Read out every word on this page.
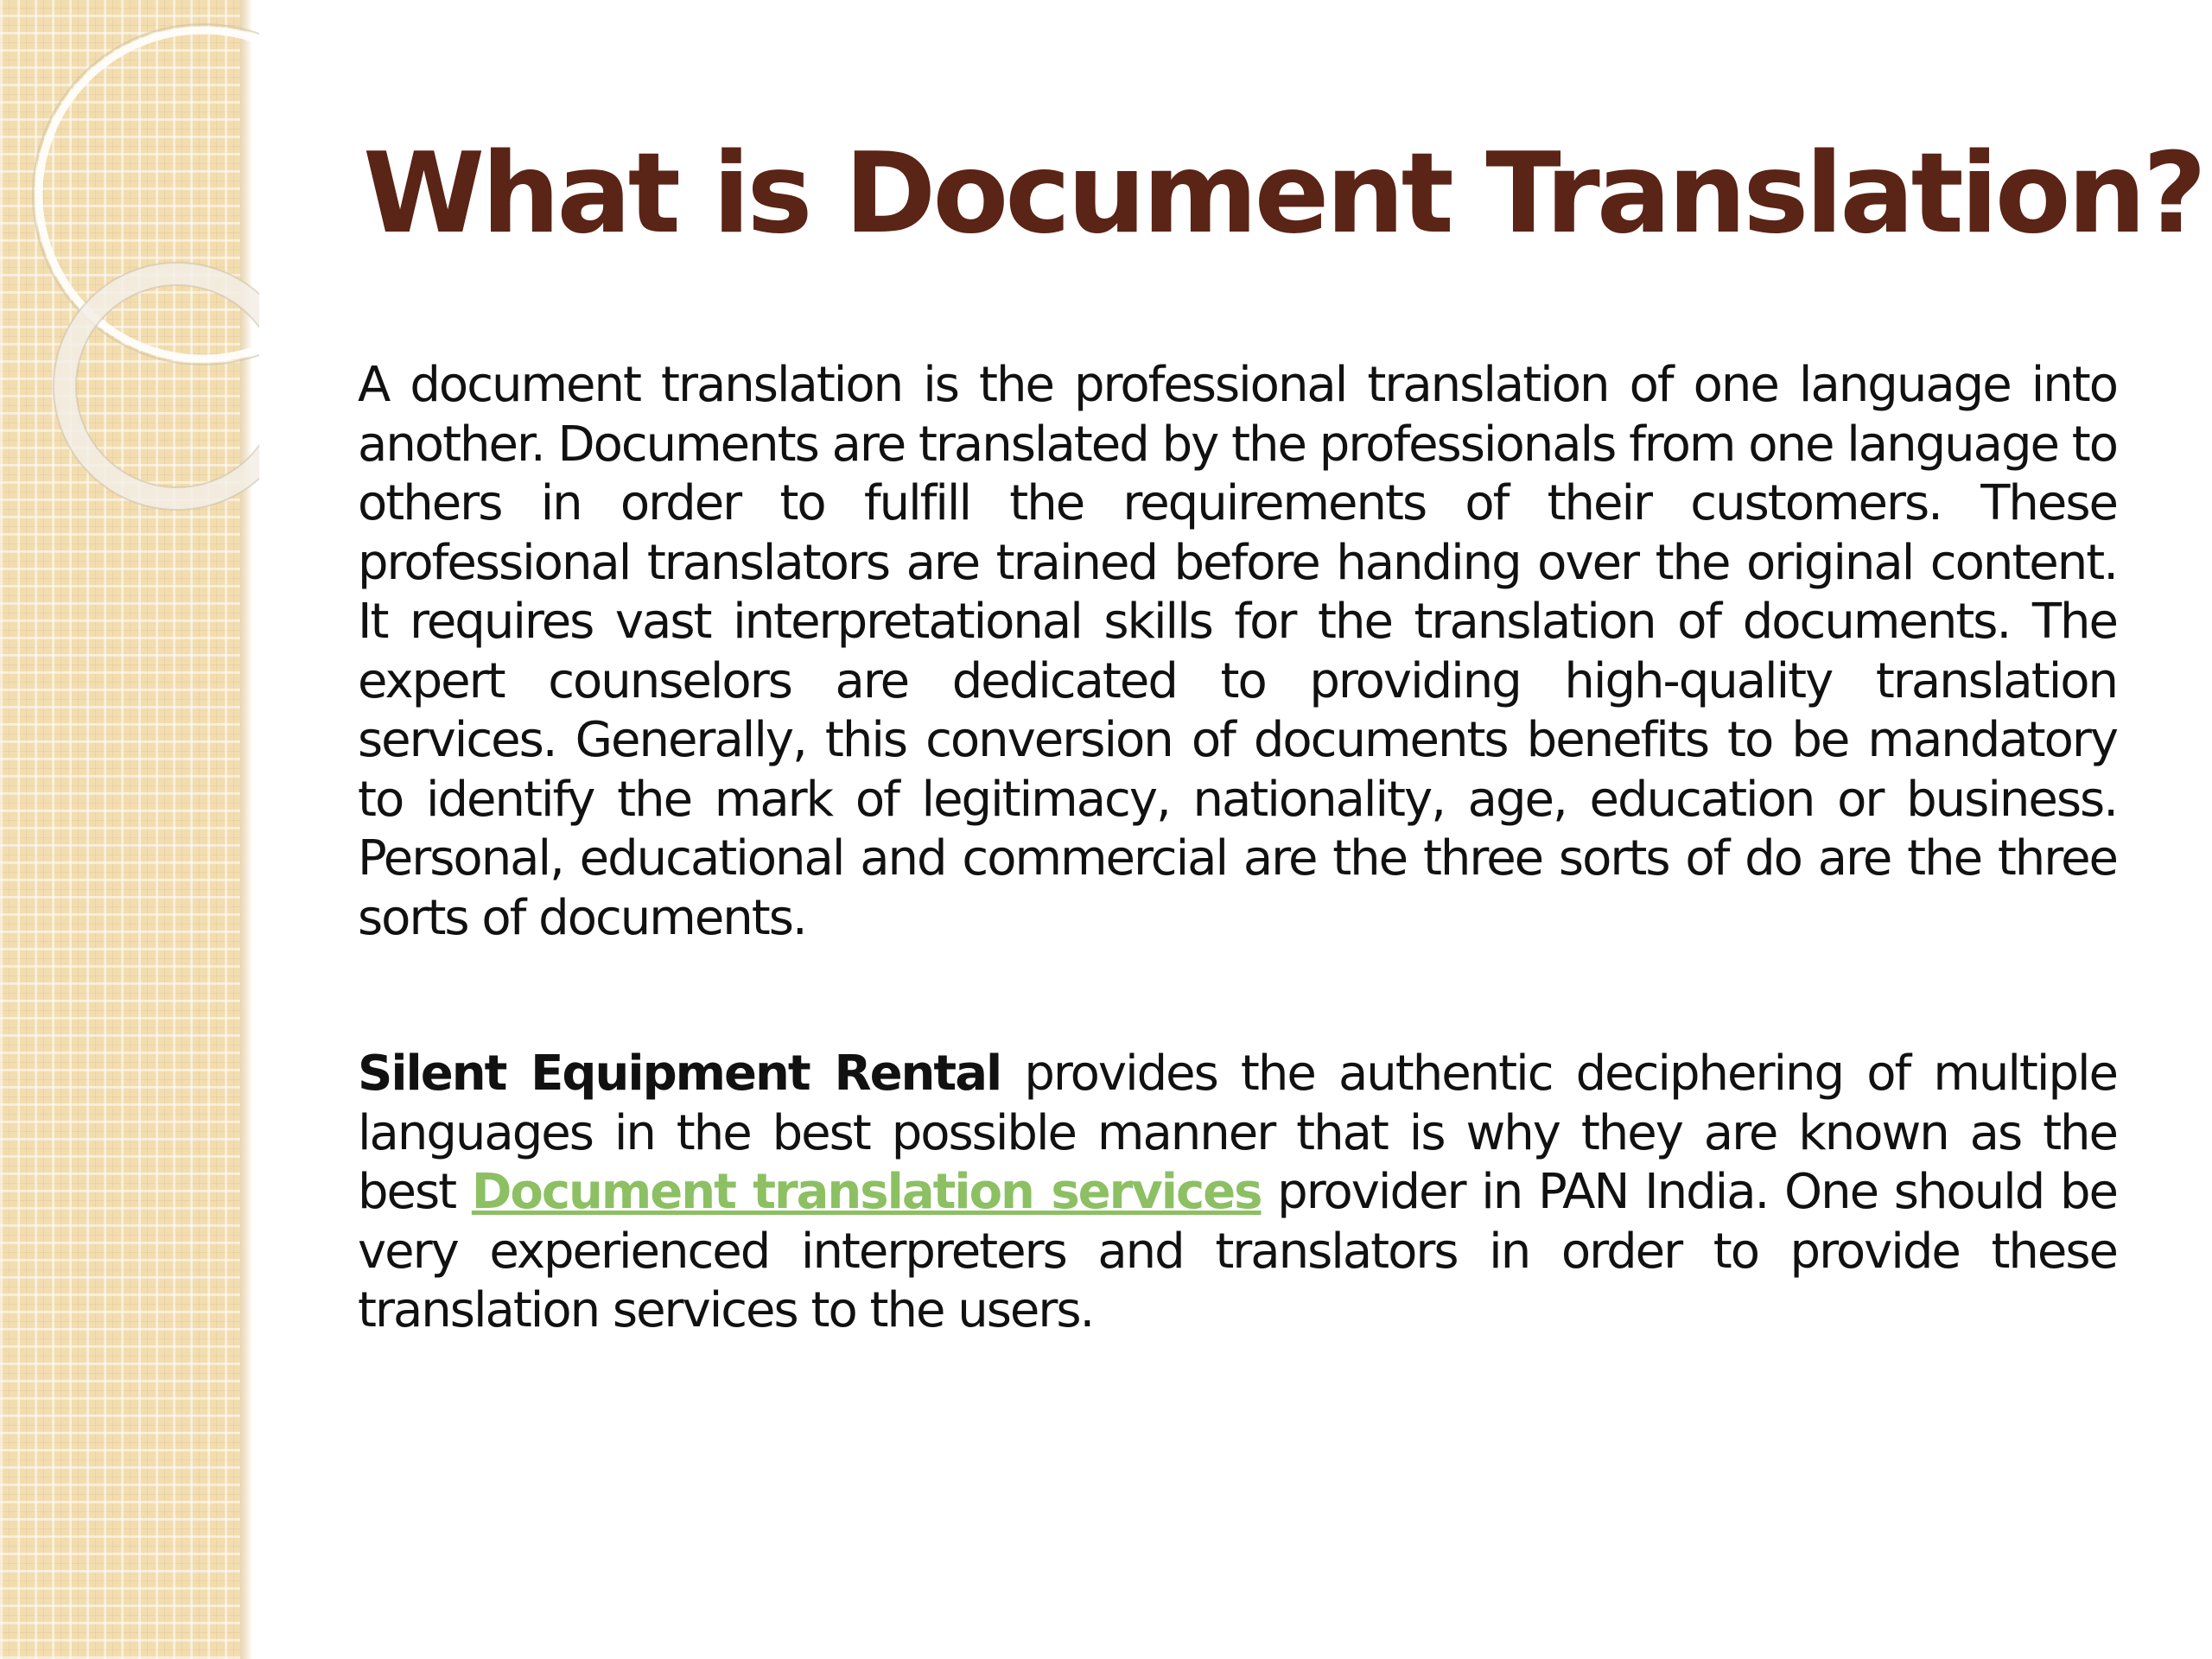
What is Document Translation?

A document translation is the professional translation of one language into another. Documents are translated by the professionals from one language to others in order to fulfill the requirements of their customers. These professional translators are trained before handing over the original content. It requires vast interpretational skills for the translation of documents. The expert counselors are dedicated to providing high-quality translation services. Generally, this conversion of documents benefits to be mandatory to identify the mark of legitimacy, nationality, age, education or business. Personal, educational and commercial are the three sorts of do are the three sorts of documents.

Silent Equipment Rental provides the authentic deciphering of multiple languages in the best possible manner that is why they are known as the best Document translation services provider in PAN India. One should be very experienced interpreters and translators in order to provide these translation services to the users.
